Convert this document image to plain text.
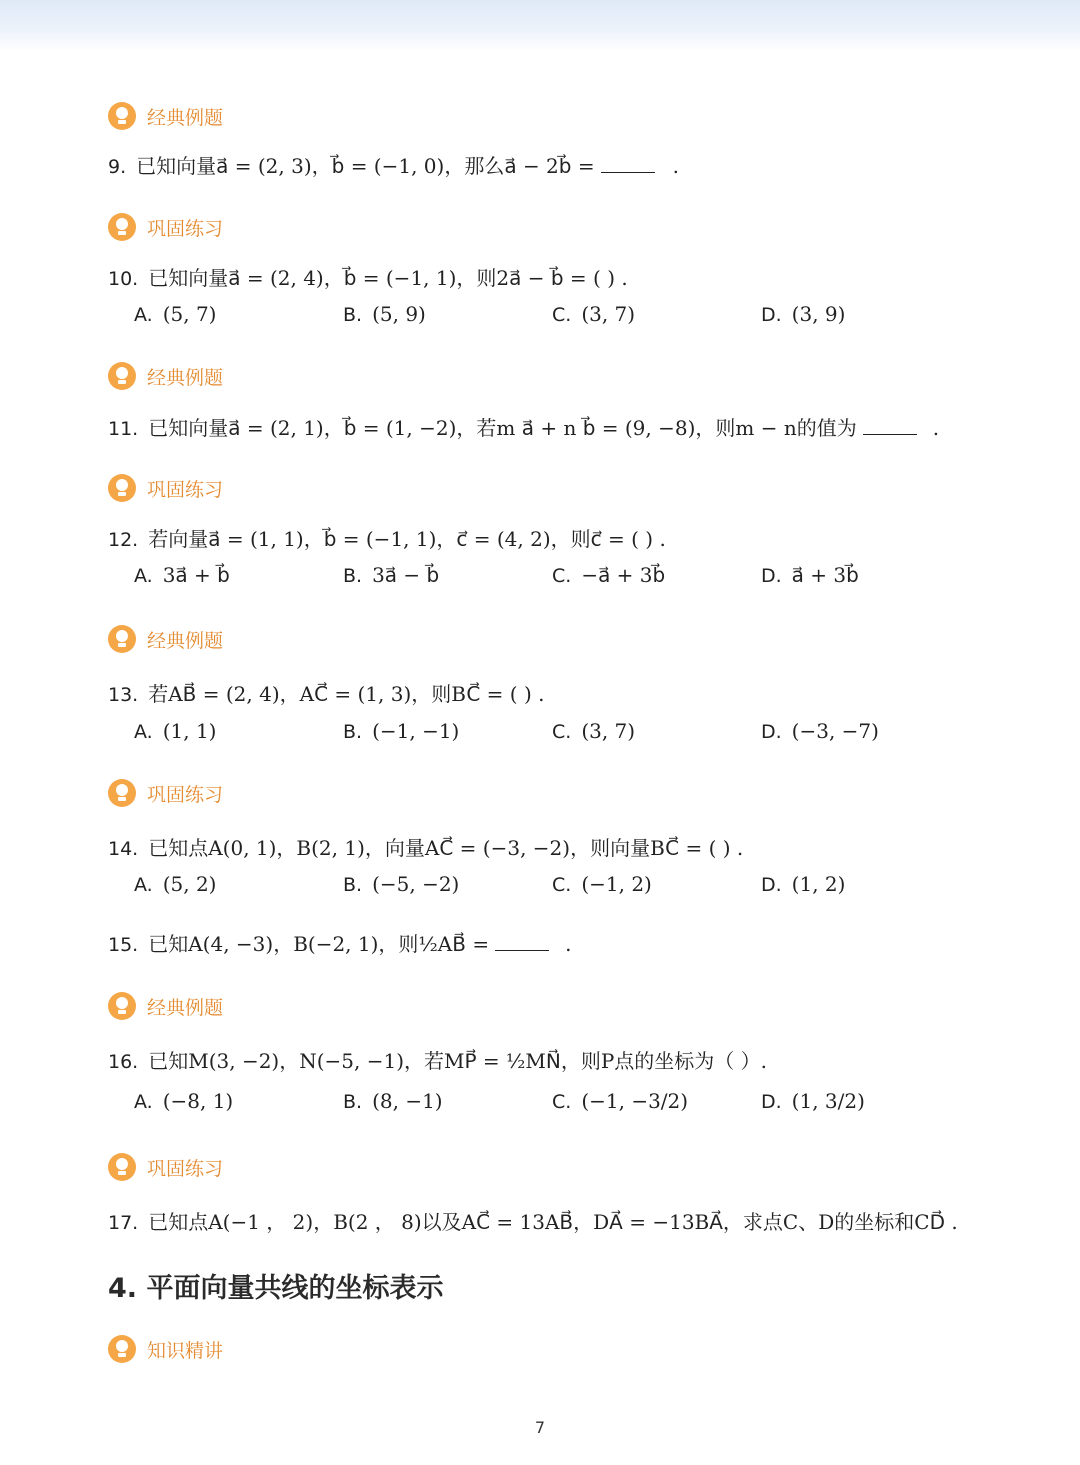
经典例题
9. 已知向量a⃗ = (2, 3)，b⃗ = (−1, 0)，那么a⃗ − 2b⃗ =	.
巩固练习
10. 已知向量a⃗ = (2, 4)，b⃗ = (−1, 1)，则2a⃗ − b⃗ = ( ) .
A. (5, 7)	B. (5, 9)	C. (3, 7)	D. (3, 9)
经典例题
11. 已知向量a⃗ = (2, 1)，b⃗ = (1, −2)，若m a⃗ + n b⃗ = (9, −8)，则m − n的值为	.
巩固练习
12. 若向量a⃗ = (1, 1)，b⃗ = (−1, 1)，c⃗ = (4, 2)，则c⃗ = ( ) .
A. 3a⃗ + b⃗	B. 3a⃗ − b⃗	C. −a⃗ + 3b⃗	D. a⃗ + 3b⃗
经典例题
13. 若AB⃗ = (2, 4)，AC⃗ = (1, 3)，则BC⃗ = ( ) .
A. (1, 1)	B. (−1, −1)	C. (3, 7)	D. (−3, −7)
巩固练习
14. 已知点A(0, 1)，B(2, 1)，向量AC⃗ = (−3, −2)，则向量BC⃗ = ( ) .
A. (5, 2)	B. (−5, −2)	C. (−1, 2)	D. (1, 2)
15. 已知A(4, −3)，B(−2, 1)，则½AB⃗ =	.
经典例题
16. 已知M(3, −2)，N(−5, −1)，若MP⃗ = ½MN⃗，则P点的坐标为（ ）.
A. (−8, 1)	B. (8, −1)	C. (−1, −3/2)	D. (1, 3/2)
巩固练习
17. 已知点A(−1 ， 2)，B(2 ， 8)以及AC⃗ = 13AB⃗，DA⃗ = −13BA⃗，求点C、D的坐标和CD⃗ .
4. 平面向量共线的坐标表示
知识精讲
7
